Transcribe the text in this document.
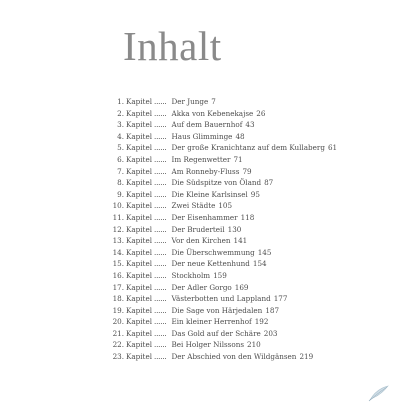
Inhalt
1. Kapitel ...... Der Junge 7
2. Kapitel ...... Akka von Kebenekajse 26
3. Kapitel ...... Auf dem Bauernhof 43
4. Kapitel ...... Haus Glimminge 48
5. Kapitel ...... Der große Kranichtanz auf dem Kullaberg 61
6. Kapitel ...... Im Regenwetter 71
7. Kapitel ...... Am Ronneby-Fluss 79
8. Kapitel ...... Die Südspitze von Öland 87
9. Kapitel ...... Die Kleine Karlsinsel 95
10. Kapitel ...... Zwei Städte 105
11. Kapitel ...... Der Eisenhammer 118
12. Kapitel ...... Der Bruderteil 130
13. Kapitel ...... Vor den Kirchen 141
14. Kapitel ...... Die Überschwemmung 145
15. Kapitel ...... Der neue Kettenhund 154
16. Kapitel ...... Stockholm 159
17. Kapitel ...... Der Adler Gorgo 169
18. Kapitel ...... Västerbotten und Lappland 177
19. Kapitel ...... Die Sage von Härjedalen 187
20. Kapitel ...... Ein kleiner Herrenhof 192
21. Kapitel ...... Das Gold auf der Schäre 203
22. Kapitel ...... Bei Holger Nilssons 210
23. Kapitel ...... Der Abschied von den Wildgänsen 219
